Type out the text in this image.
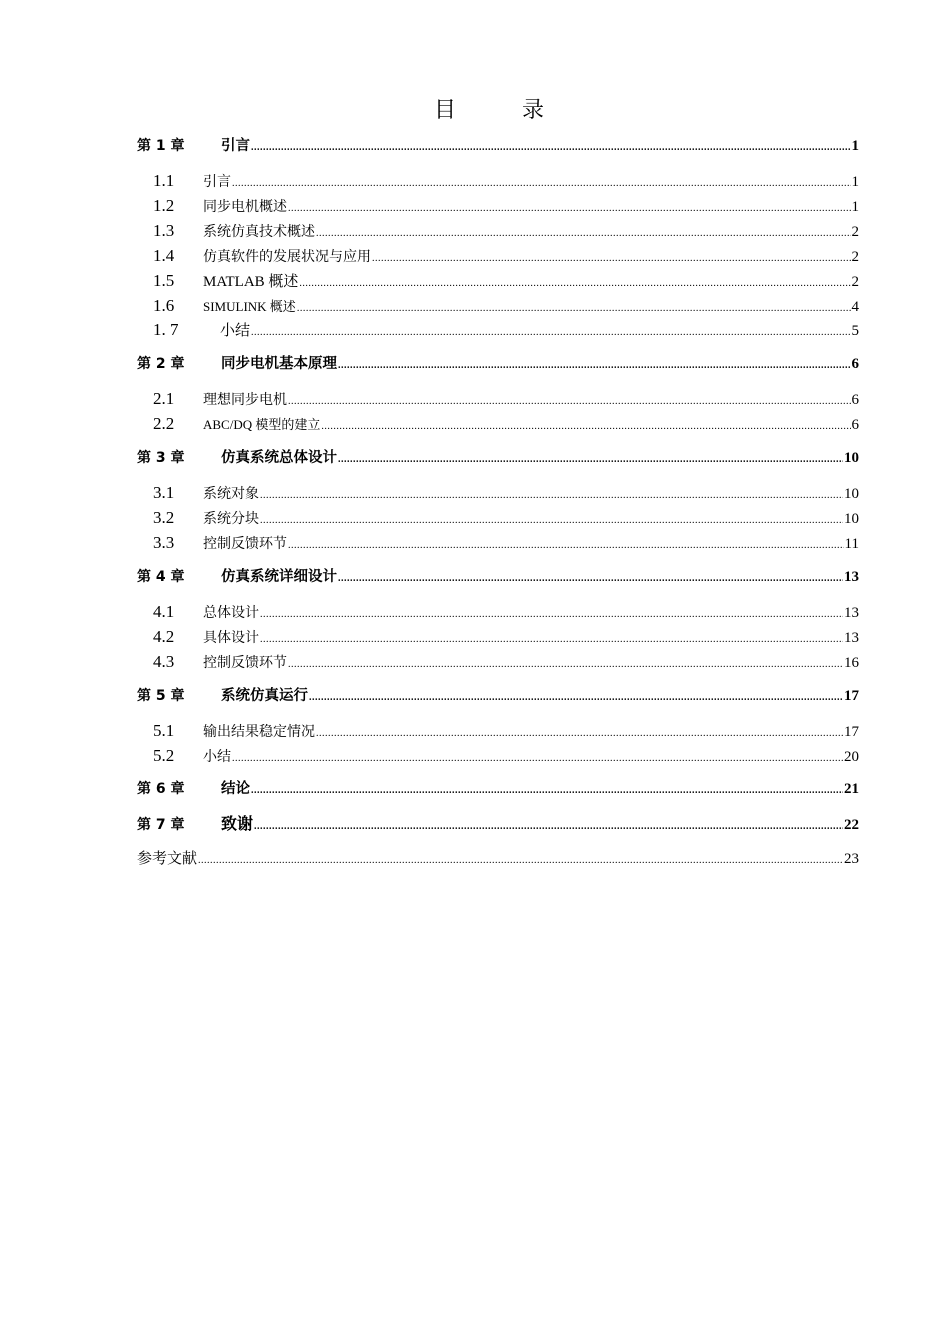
目　录
第 1 章	引言 .....	1
1.1	引言 .....	1
1.2	同步电机概述 .....	1
1.3	系统仿真技术概述 .....	2
1.4	仿真软件的发展状况与应用 .....	2
1.5	MATLAB 概述 .....	2
1.6	SIMULINK 概述 .....	4
1. 7	小结 .....	5
第 2 章	同步电机基本原理 .....	6
2.1	理想同步电机 .....	6
2.2	ABC/DQ 模型的建立 .....	6
第 3 章	仿真系统总体设计 .....	10
3.1	系统对象 .....	10
3.2	系统分块 .....	10
3.3	控制反馈环节 .....	11
第 4 章	仿真系统详细设计 .....	13
4.1	总体设计 .....	13
4.2	具体设计 .....	13
4.3	控制反馈环节 .....	16
第 5 章	系统仿真运行 .....	17
5.1	输出结果稳定情况 .....	17
5.2	小结 .....	20
第 6 章	结论 .....	21
第 7 章	致谢 .....	22
参考文献 .....	23
